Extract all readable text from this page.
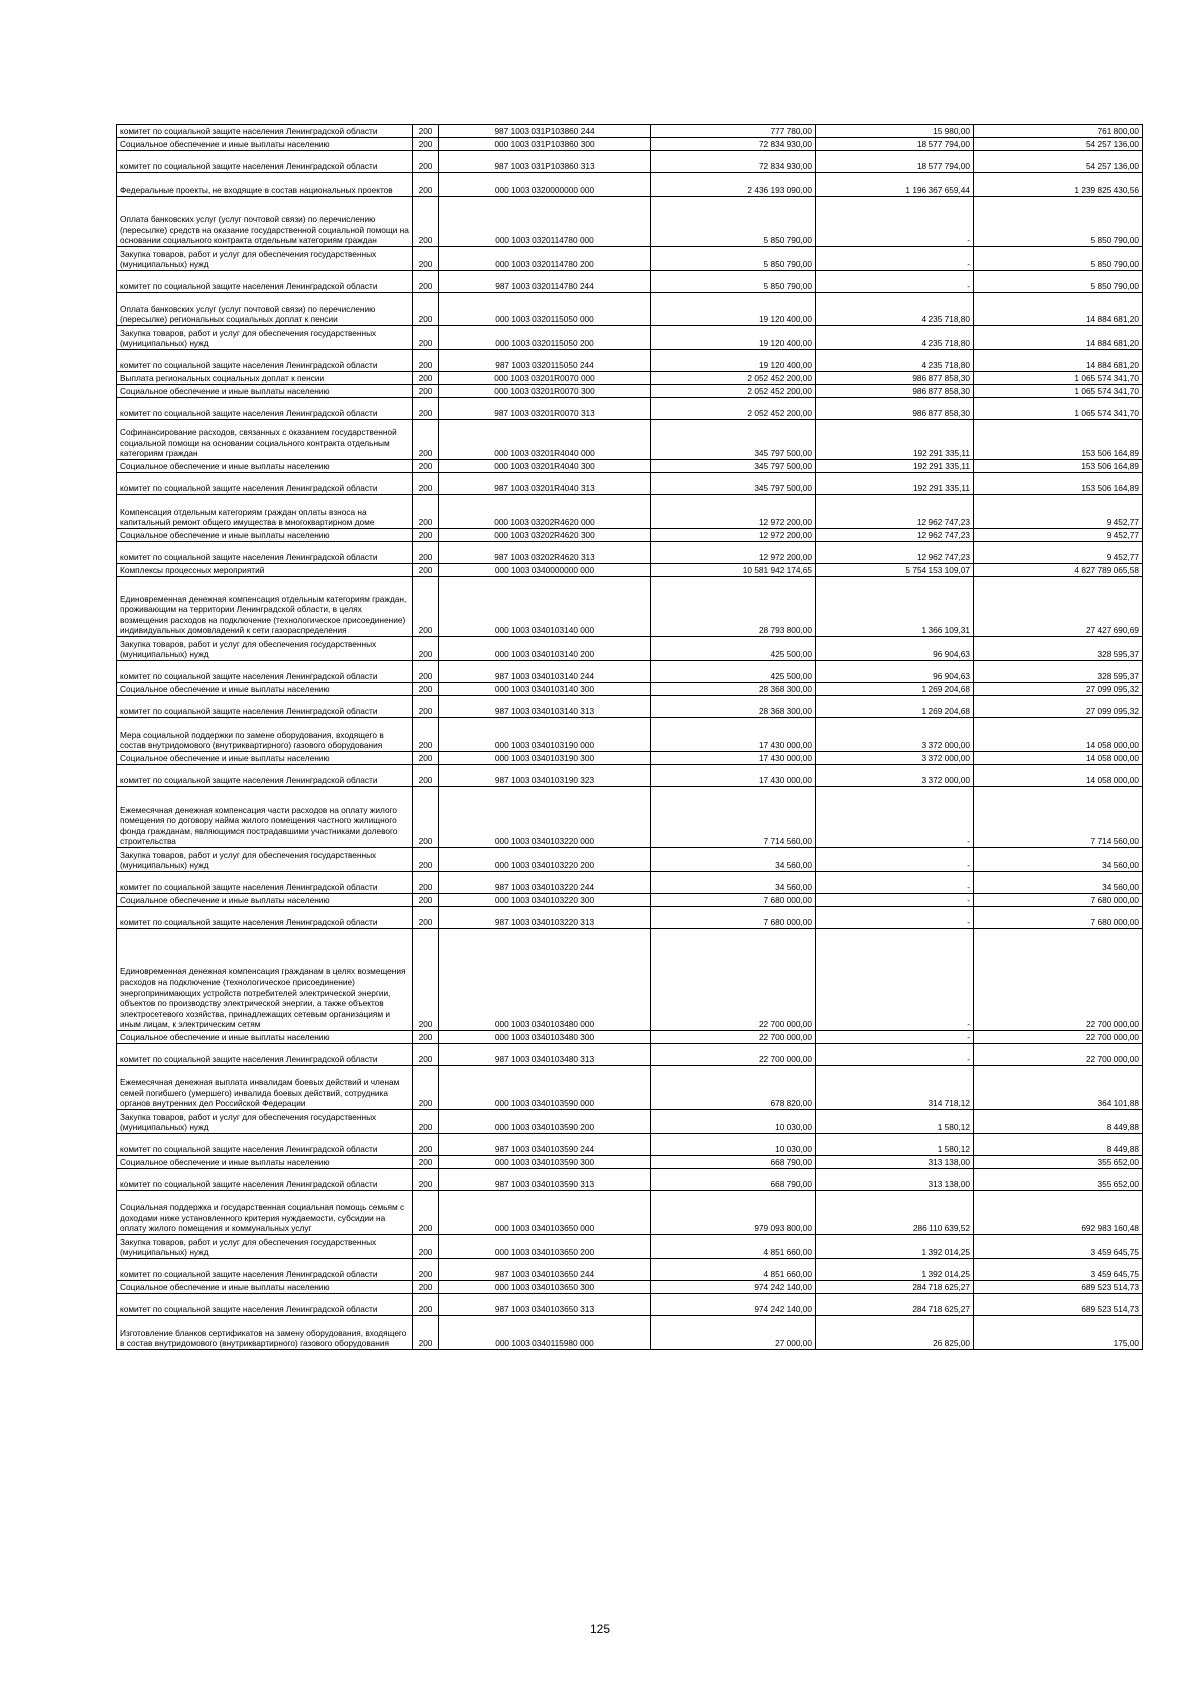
комитет по социальной защите населения Ленинградской области	200	987 1003 031P103860 244	777 780,00	15 980,00	761 800,00
Социальное обеспечение и иные выплаты населению	200	000 1003 031P103860 300	72 834 930,00	18 577 794,00	54 257 136,00
комитет по социальной защите населения Ленинградской области	200	987 1003 031P103860 313	72 834 930,00	18 577 794,00	54 257 136,00
Федеральные проекты, не входящие в состав национальных проектов	200	000 1003 0320000000 000	2 436 193 090,00	1 196 367 659,44	1 239 825 430,56
Оплата банковских услуг (услуг почтовой связи) по перечислению (пересылке) средств на оказание государственной социальной помощи на основании социального контракта отдельным категориям граждан	200	000 1003 0320114780 000	5 850 790,00	-	5 850 790,00
Закупка товаров, работ и услуг для обеспечения государственных (муниципальных) нужд	200	000 1003 0320114780 200	5 850 790,00	-	5 850 790,00
комитет по социальной защите населения Ленинградской области	200	987 1003 0320114780 244	5 850 790,00	-	5 850 790,00
Оплата банковских услуг (услуг почтовой связи) по перечислению (пересылке) региональных социальных доплат к пенсии	200	000 1003 0320115050 000	19 120 400,00	4 235 718,80	14 884 681,20
Закупка товаров, работ и услуг для обеспечения государственных (муниципальных) нужд	200	000 1003 0320115050 200	19 120 400,00	4 235 718,80	14 884 681,20
комитет по социальной защите населения Ленинградской области	200	987 1003 0320115050 244	19 120 400,00	4 235 718,80	14 884 681,20
Выплата региональных социальных доплат к пенсии	200	000 1003 03201R0070 000	2 052 452 200,00	986 877 858,30	1 065 574 341,70
Социальное обеспечение и иные выплаты населению	200	000 1003 03201R0070 300	2 052 452 200,00	986 877 858,30	1 065 574 341,70
комитет по социальной защите населения Ленинградской области	200	987 1003 03201R0070 313	2 052 452 200,00	986 877 858,30	1 065 574 341,70
Софинансирование расходов, связанных с оказанием государственной социальной помощи на основании социального контракта отдельным категориям граждан	200	000 1003 03201R4040 000	345 797 500,00	192 291 335,11	153 506 164,89
Социальное обеспечение и иные выплаты населению	200	000 1003 03201R4040 300	345 797 500,00	192 291 335,11	153 506 164,89
комитет по социальной защите населения Ленинградской области	200	987 1003 03201R4040 313	345 797 500,00	192 291 335,11	153 506 164,89
Компенсация отдельным категориям граждан оплаты взноса на капитальный ремонт общего имущества в многоквартирном доме	200	000 1003 03202R4620 000	12 972 200,00	12 962 747,23	9 452,77
Социальное обеспечение и иные выплаты населению	200	000 1003 03202R4620 300	12 972 200,00	12 962 747,23	9 452,77
комитет по социальной защите населения Ленинградской области	200	987 1003 03202R4620 313	12 972 200,00	12 962 747,23	9 452,77
Комплексы процессных мероприятий	200	000 1003 0340000000 000	10 581 942 174,65	5 754 153 109,07	4 827 789 065,58
Единовременная денежная компенсация отдельным категориям граждан, проживающим на территории Ленинградской области, в целях возмещения расходов на подключение (технологическое присоединение) индивидуальных домовладений к сети газораспределения	200	000 1003 0340103140 000	28 793 800,00	1 366 109,31	27 427 690,69
Закупка товаров, работ и услуг для обеспечения государственных (муниципальных) нужд	200	000 1003 0340103140 200	425 500,00	96 904,63	328 595,37
комитет по социальной защите населения Ленинградской области	200	987 1003 0340103140 244	425 500,00	96 904,63	328 595,37
Социальное обеспечение и иные выплаты населению	200	000 1003 0340103140 300	28 368 300,00	1 269 204,68	27 099 095,32
комитет по социальной защите населения Ленинградской области	200	987 1003 0340103140 313	28 368 300,00	1 269 204,68	27 099 095,32
Мера социальной поддержки по замене оборудования, входящего в состав внутридомового (внутриквартирного) газового оборудования	200	000 1003 0340103190 000	17 430 000,00	3 372 000,00	14 058 000,00
Социальное обеспечение и иные выплаты населению	200	000 1003 0340103190 300	17 430 000,00	3 372 000,00	14 058 000,00
комитет по социальной защите населения Ленинградской области	200	987 1003 0340103190 323	17 430 000,00	3 372 000,00	14 058 000,00
Ежемесячная денежная компенсация части расходов на оплату жилого помещения по договору найма жилого помещения частного жилищного фонда гражданам, являющимся пострадавшими участниками долевого строительства	200	000 1003 0340103220 000	7 714 560,00	-	7 714 560,00
Закупка товаров, работ и услуг для обеспечения государственных (муниципальных) нужд	200	000 1003 0340103220 200	34 560,00	-	34 560,00
комитет по социальной защите населения Ленинградской области	200	987 1003 0340103220 244	34 560,00	-	34 560,00
Социальное обеспечение и иные выплаты населению	200	000 1003 0340103220 300	7 680 000,00	-	7 680 000,00
комитет по социальной защите населения Ленинградской области	200	987 1003 0340103220 313	7 680 000,00	-	7 680 000,00
Единовременная денежная компенсация гражданам в целях возмещения расходов на подключение (технологическое присоединение) энергопринимающих устройств потребителей электрической энергии, объектов по производству электрической энергии, а также объектов электросетевого хозяйства, принадлежащих сетевым организациям и иным лицам, к электрическим сетям	200	000 1003 0340103480 000	22 700 000,00	-	22 700 000,00
Социальное обеспечение и иные выплаты населению	200	000 1003 0340103480 300	22 700 000,00	-	22 700 000,00
комитет по социальной защите населения Ленинградской области	200	987 1003 0340103480 313	22 700 000,00	-	22 700 000,00
Ежемесячная денежная выплата инвалидам боевых действий и членам семей погибшего (умершего) инвалида боевых действий, сотрудника органов внутренних дел Российской Федерации	200	000 1003 0340103590 000	678 820,00	314 718,12	364 101,88
Закупка товаров, работ и услуг для обеспечения государственных (муниципальных) нужд	200	000 1003 0340103590 200	10 030,00	1 580,12	8 449,88
комитет по социальной защите населения Ленинградской области	200	987 1003 0340103590 244	10 030,00	1 580,12	8 449,88
Социальное обеспечение и иные выплаты населению	200	000 1003 0340103590 300	668 790,00	313 138,00	355 652,00
комитет по социальной защите населения Ленинградской области	200	987 1003 0340103590 313	668 790,00	313 138,00	355 652,00
Социальная поддержка и государственная социальная помощь семьям с доходами ниже установленного критерия нуждаемости, субсидии на оплату жилого помещения и коммунальных услуг	200	000 1003 0340103650 000	979 093 800,00	286 110 639,52	692 983 160,48
Закупка товаров, работ и услуг для обеспечения государственных (муниципальных) нужд	200	000 1003 0340103650 200	4 851 660,00	1 392 014,25	3 459 645,75
комитет по социальной защите населения Ленинградской области	200	987 1003 0340103650 244	4 851 660,00	1 392 014,25	3 459 645,75
Социальное обеспечение и иные выплаты населению	200	000 1003 0340103650 300	974 242 140,00	284 718 625,27	689 523 514,73
комитет по социальной защите населения Ленинградской области	200	987 1003 0340103650 313	974 242 140,00	284 718 625,27	689 523 514,73
Изготовление бланков сертификатов на замену оборудования, входящего в состав внутридомового (внутриквартирного) газового оборудования	200	000 1003 0340115980 000	27 000,00	26 825,00	175,00
125
